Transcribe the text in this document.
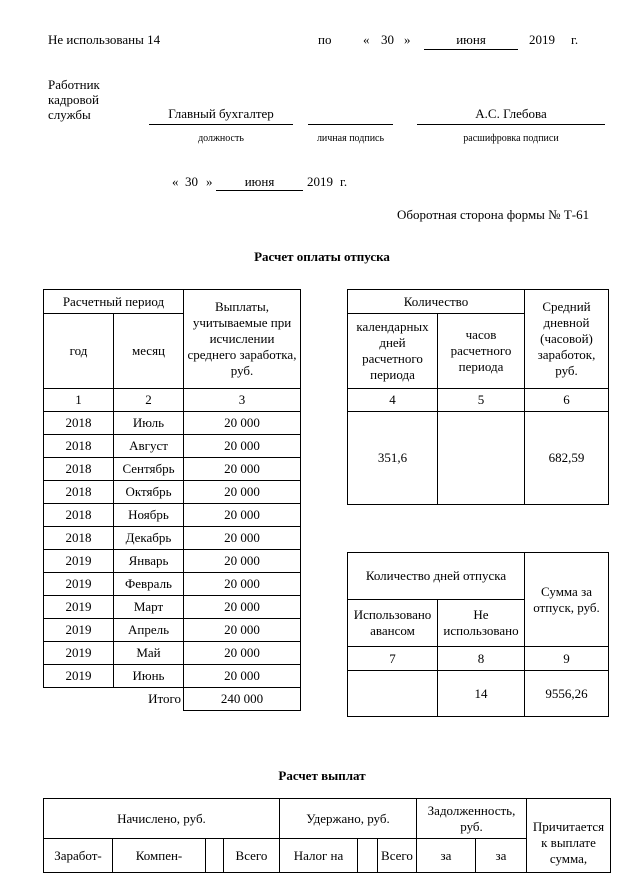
Не использованы 14	по « 30 »	июня	2019 г.
Работник
кадровой
службы	Главный бухгалтер	А.С. Глебова
должность	личная подпись	расшифровка подписи
« 30 »	июня	2019 г.
Оборотная сторона формы № Т-61
Расчет оплаты отпуска
Расчетный период		Выплаты, учитываемые при исчислении среднего заработка, руб.
год	месяц	
1	2	3
2018	Июль	20 000
2018	Август	20 000
2018	Сентябрь	20 000
2018	Октябрь	20 000
2018	Ноябрь	20 000
2018	Декабрь	20 000
2019	Январь	20 000
2019	Февраль	20 000
2019	Март	20 000
2019	Апрель	20 000
2019	Май	20 000
2019	Июнь	20 000
	Итого	240 000
Количество		Средний дневной (часовой) заработок, руб.
календарных дней расчетного периода	часов расчетного периода	
4	5	6
351,6		682,59
Количество дней отпуска		Сумма за отпуск, руб.
Использовано авансом	Не использовано	
7	8	9
	14	9556,26
Расчет выплат
Начислено, руб.				Удержано, руб.			Задолженность, руб.		Причитается к выплате сумма,
Заработ-	Компен-		Всего	Налог на		Всего	за	за	
